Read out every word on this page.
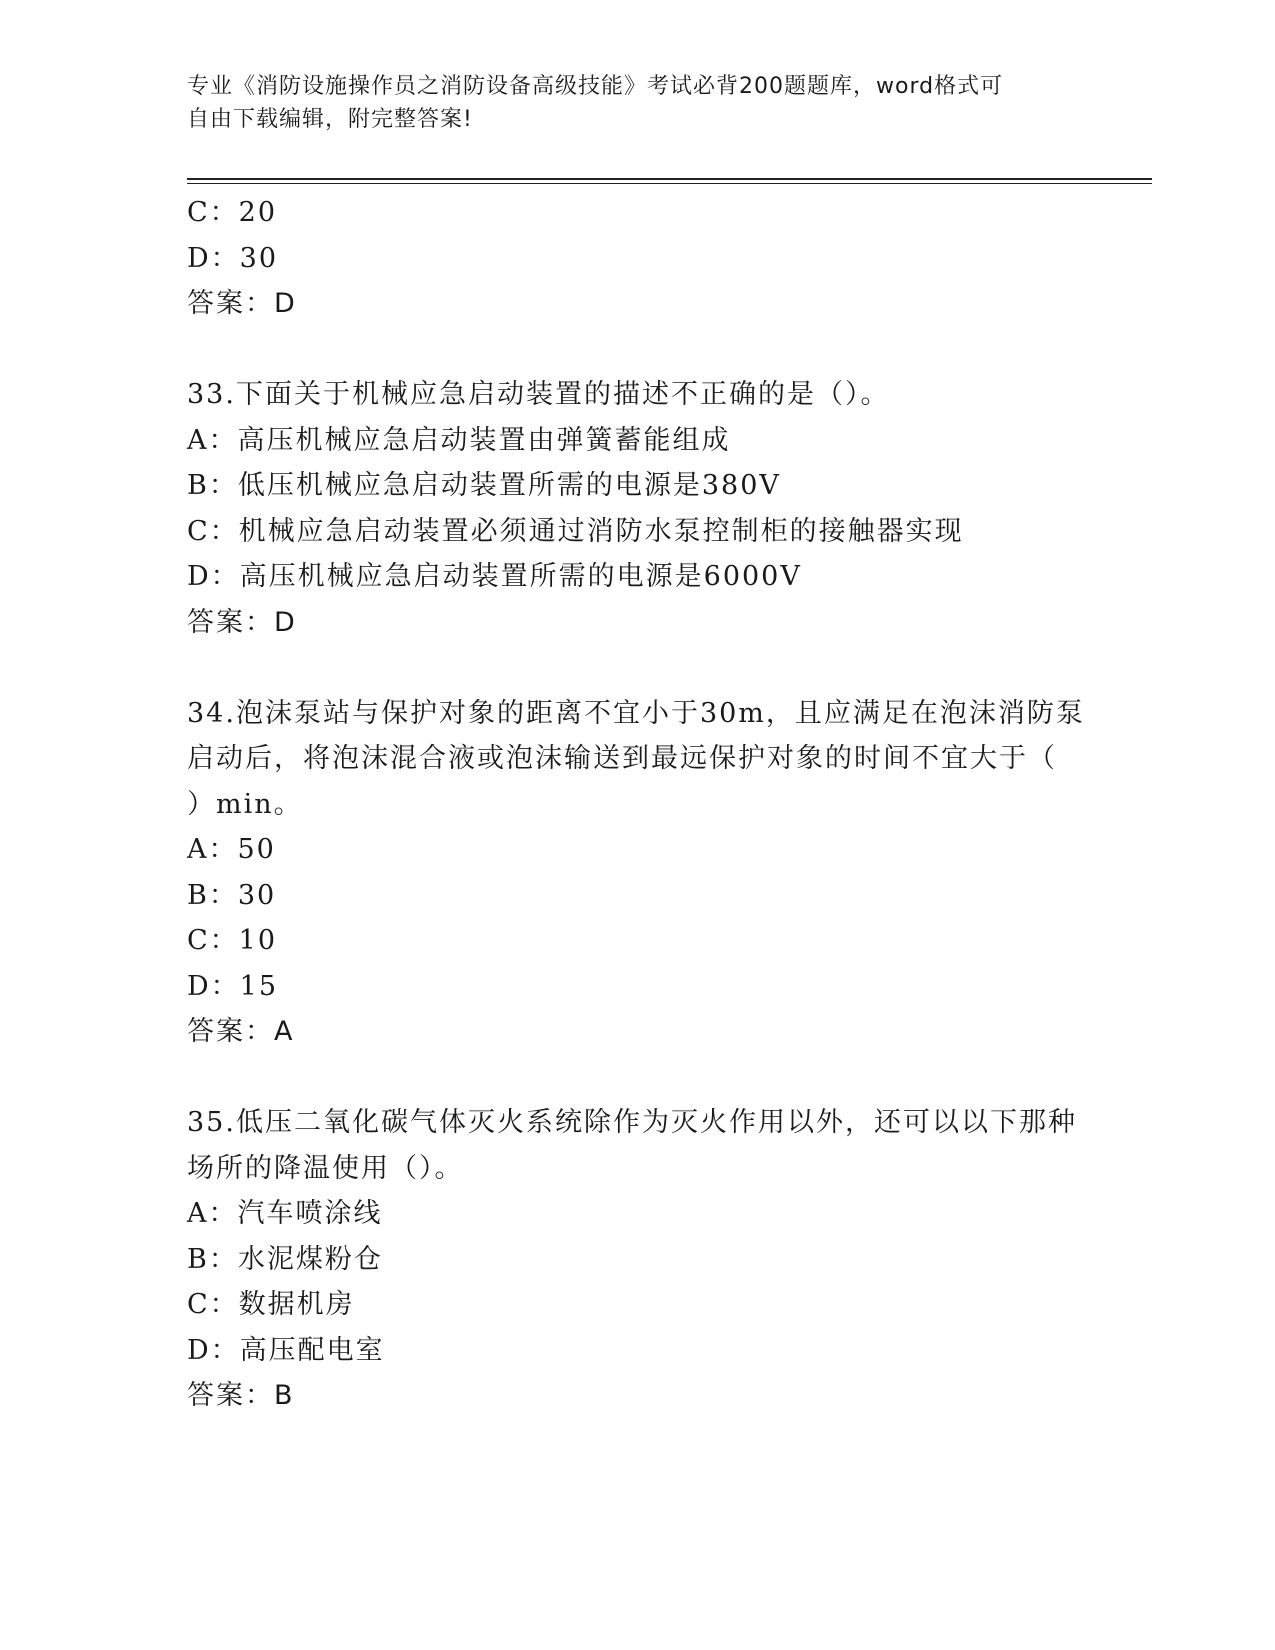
专业《消防设施操作员之消防设备高级技能》考试必背200题题库，word格式可
自由下载编辑，附完整答案!
C：20
D：30
答案：D
33.下面关于机械应急启动装置的描述不正确的是（）。
A：高压机械应急启动装置由弹簧蓄能组成
B：低压机械应急启动装置所需的电源是380V
C：机械应急启动装置必须通过消防水泵控制柜的接触器实现
D：高压机械应急启动装置所需的电源是6000V
答案：D
34.泡沫泵站与保护对象的距离不宜小于30m，且应满足在泡沫消防泵
启动后，将泡沫混合液或泡沫输送到最远保护对象的时间不宜大于（
）min。
A：50
B：30
C：10
D：15
答案：A
35.低压二氧化碳气体灭火系统除作为灭火作用以外，还可以以下那种
场所的降温使用（）。
A：汽车喷涂线
B：水泥煤粉仓
C：数据机房
D：高压配电室
答案：B
